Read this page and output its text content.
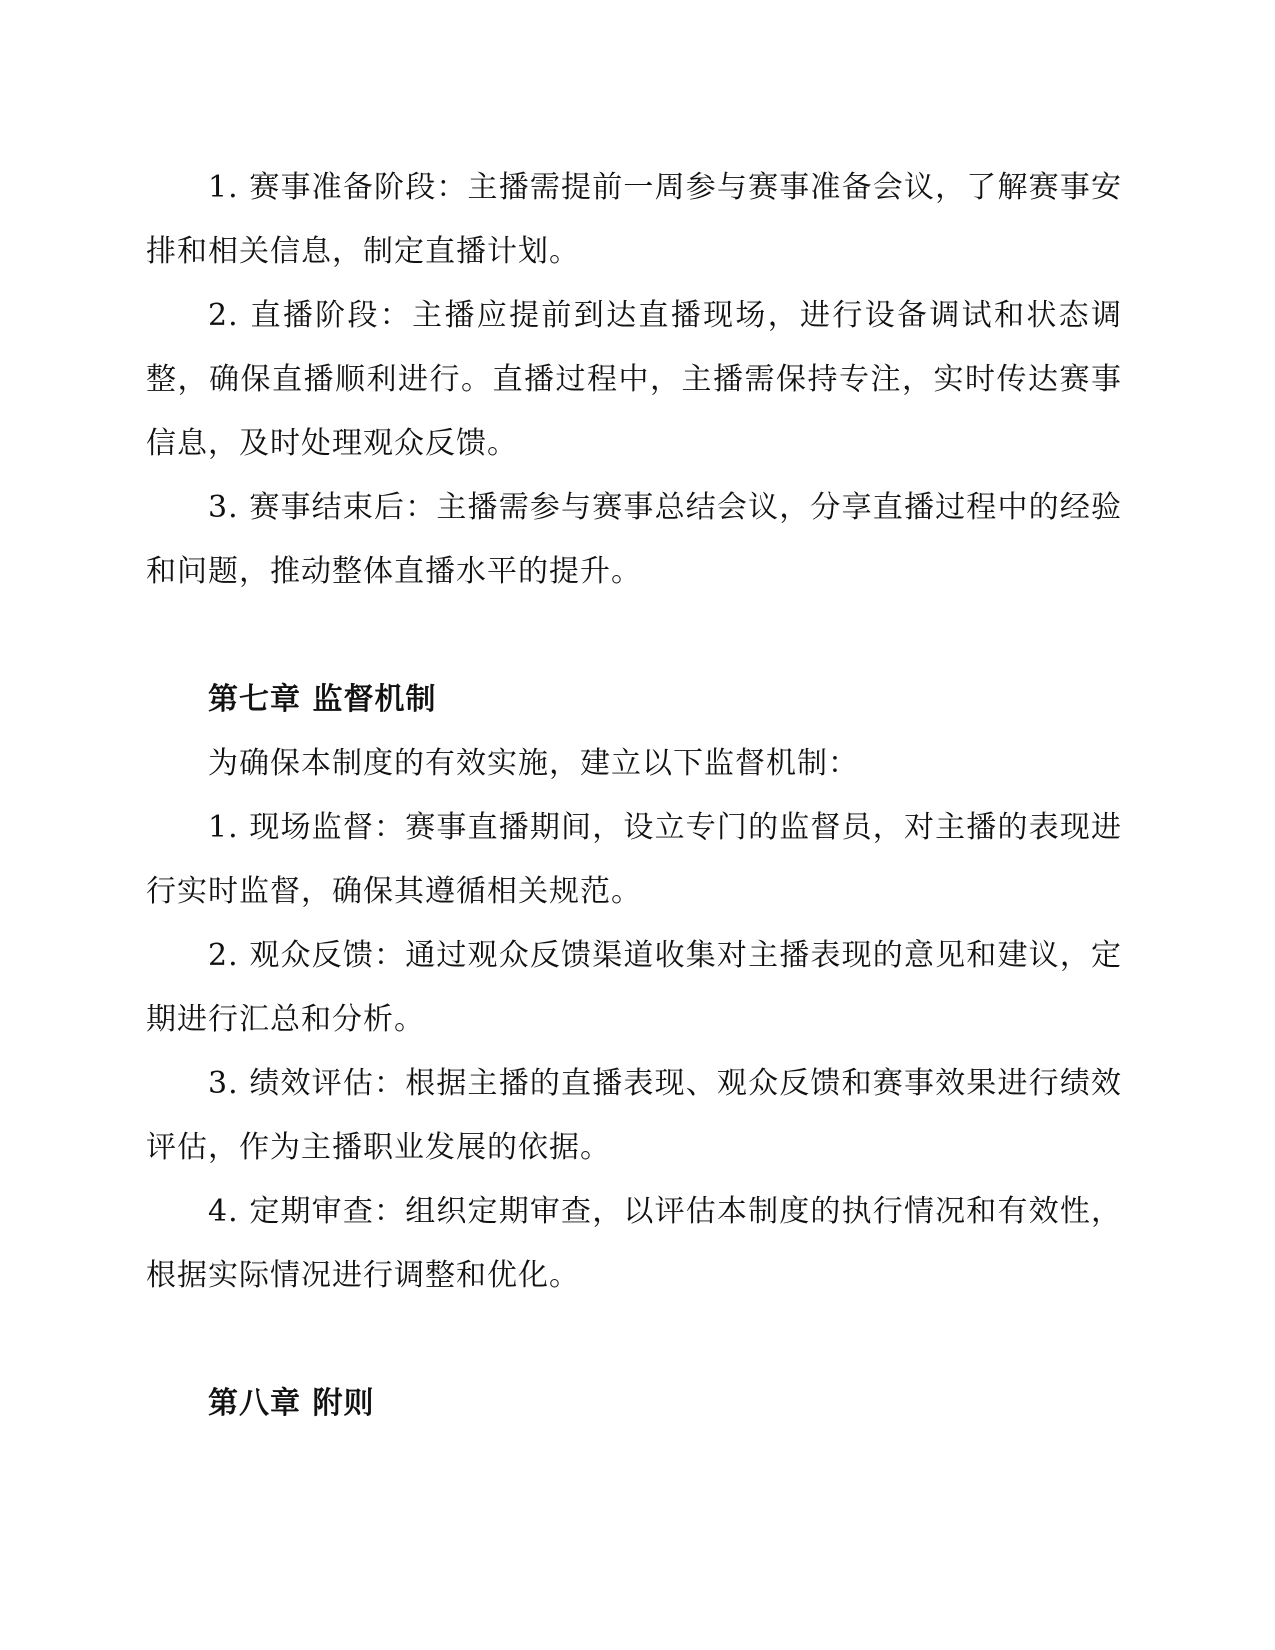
1. 赛事准备阶段：主播需提前一周参与赛事准备会议，了解赛事安排和相关信息，制定直播计划。

2. 直播阶段：主播应提前到达直播现场，进行设备调试和状态调整，确保直播顺利进行。直播过程中，主播需保持专注，实时传达赛事信息，及时处理观众反馈。

3. 赛事结束后：主播需参与赛事总结会议，分享直播过程中的经验和问题，推动整体直播水平的提升。

第七章 监督机制

为确保本制度的有效实施，建立以下监督机制：

1. 现场监督：赛事直播期间，设立专门的监督员，对主播的表现进行实时监督，确保其遵循相关规范。

2. 观众反馈：通过观众反馈渠道收集对主播表现的意见和建议，定期进行汇总和分析。

3. 绩效评估：根据主播的直播表现、观众反馈和赛事效果进行绩效评估，作为主播职业发展的依据。

4. 定期审查：组织定期审查，以评估本制度的执行情况和有效性，根据实际情况进行调整和优化。

第八章 附则
